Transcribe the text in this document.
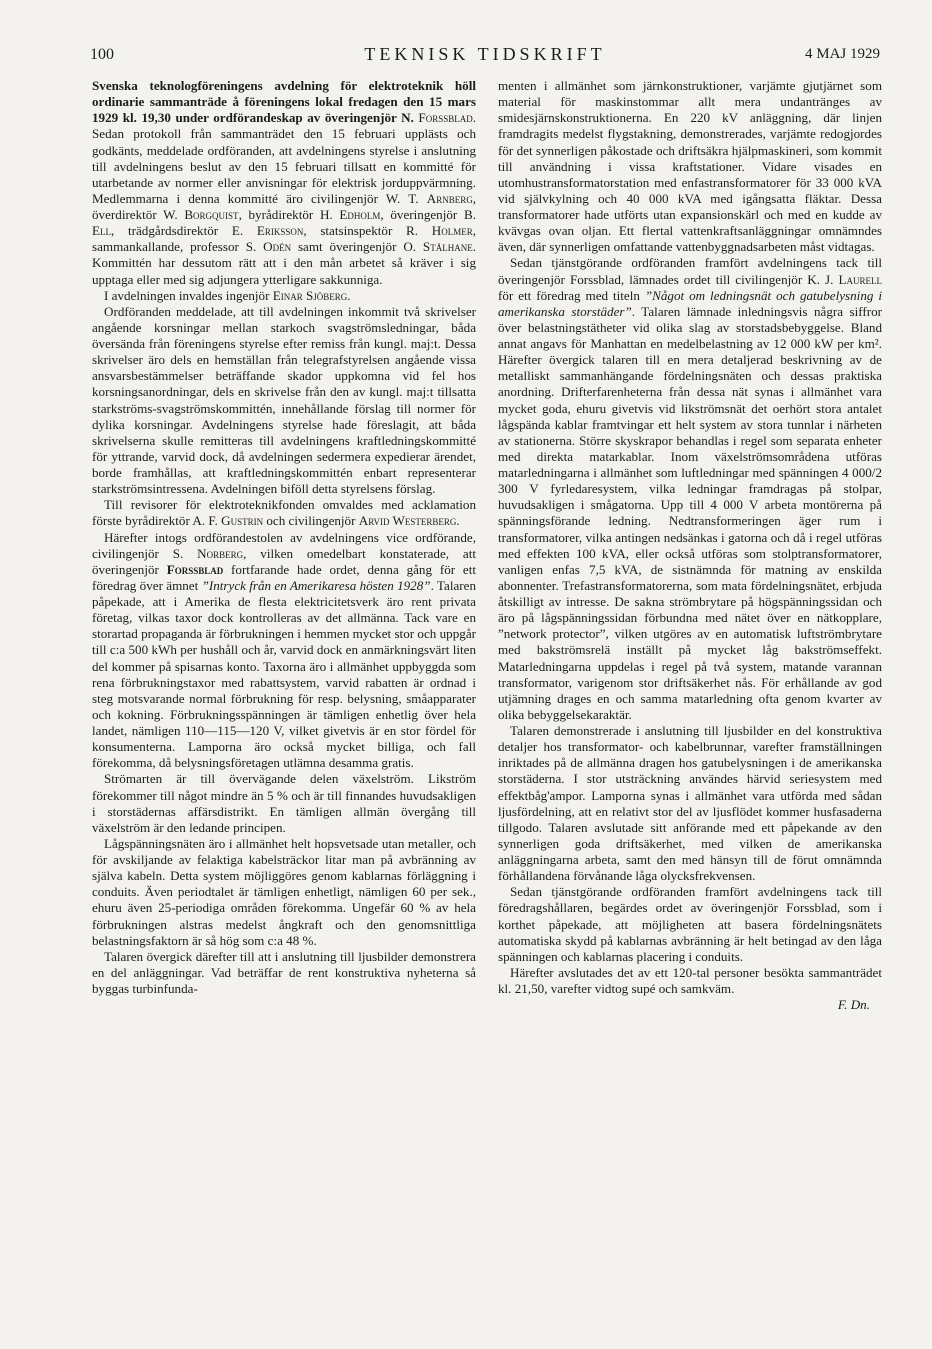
100	TEKNISK TIDSKRIFT	4 MAJ 1929

Svenska teknologföreningens avdelning för elektroteknik höll ordinarie sammanträde å föreningens lokal fredagen den 15 mars 1929 kl. 19,30 under ordförandeskap av överingenjör N. Forssblad. Sedan protokoll från sammanträdet den 15 februari upplästs och godkänts, meddelade ordföranden, att avdelningens styrelse i anslutning till avdelningens beslut av den 15 februari tillsatt en kommitté för utarbetande av normer eller anvisningar för elektrisk jorduppvärmning. Medlemmarna i denna kommitté äro civilingenjör W. T. Arnberg, överdirektör W. Borgquist, byrådirektör H. Edholm, överingenjör B. Ell, trädgårdsdirektör E. Eriksson, statsinspektör R. Holmer, sammankallande, professor S. Odén samt överingenjör O. Stålhane. Kommittén har dessutom rätt att i den mån arbetet så kräver i sig upptaga eller med sig adjungera ytterligare sakkunniga.

I avdelningen invaldes ingenjör Einar Sjöberg.

Ordföranden meddelade, att till avdelningen inkommit två skrivelser angående korsningar mellan starkoch svagströmsledningar, båda översända från föreningens styrelse efter remiss från kungl. maj:t. Dessa skrivelser äro dels en hemställan från telegrafstyrelsen angående vissa ansvarsbestämmelser beträffande skador uppkomna vid fel hos korsningsanordningar, dels en skrivelse från den av kungl. maj:t tillsatta starkströms-svagströmskommittén, innehållande förslag till normer för dylika korsningar. Avdelningens styrelse hade föreslagit, att båda skrivelserna skulle remitteras till avdelningens kraftledningskommitté för yttrande, varvid dock, då avdelningen sedermera expedierar ärendet, borde framhållas, att kraftledningskommittén enbart representerar starkströmsintressena. Avdelningen biföll detta styrelsens förslag.

Till revisorer för elektroteknikfonden omvaldes med acklamation förste byrådirektör A. F. Gustrin och civilingenjör Arvid Westerberg.

Härefter intogs ordförandestolen av avdelningens vice ordförande, civilingenjör S. Norberg, vilken omedelbart konstaterade, att överingenjör Forssblad fortfarande hade ordet, denna gång för ett föredrag över ämnet ”Intryck från en Amerikaresa hösten 1928”. Talaren påpekade, att i Amerika de flesta elektricitetsverk äro rent privata företag, vilkas taxor dock kontrolleras av det allmänna. Tack vare en storartad propaganda är förbrukningen i hemmen mycket stor och uppgår till c:a 500 kWh per hushåll och år, varvid dock en anmärkningsvärt liten del kommer på spisarnas konto. Taxorna äro i allmänhet uppbyggda som rena förbrukningstaxor med rabattsystem, varvid rabatten är ordnad i steg motsvarande normal förbrukning för resp. belysning, småapparater och kokning. Förbrukningsspänningen är tämligen enhetlig över hela landet, nämligen 110—115—120 V, vilket givetvis är en stor fördel för konsumenterna. Lamporna äro också mycket billiga, och fall förekomma, då belysningsföretagen utlämna desamma gratis.

Strömarten är till övervägande delen växelström. Likström förekommer till något mindre än 5 % och är till finnandes huvudsakligen i storstädernas affärsdistrikt. En tämligen allmän övergång till växelström är den ledande principen.

Lågspänningsnäten äro i allmänhet helt hopsvetsade utan metaller, och för avskiljande av felaktiga kabelsträckor litar man på avbränning av själva kabeln. Detta system möjliggöres genom kablarnas förläggning i conduits. Även periodtalet är tämligen enhetligt, nämligen 60 per sek., ehuru även 25-periodiga områden förekomma. Ungefär 60 % av hela förbrukningen alstras medelst ångkraft och den genomsnittliga belastningsfaktorn är så hög som c:a 48 %.

Talaren övergick därefter till att i anslutning till ljusbilder demonstrera en del anläggningar. Vad beträffar de rent konstruktiva nyheterna så byggas turbinfunda-

menten i allmänhet som järnkonstruktioner, varjämte gjutjärnet som material för maskinstommar allt mera undantränges av smidesjärnskonstruktionerna. En 220 kV anläggning, där linjen framdragits medelst flygstakning, demonstrerades, varjämte redogjordes för det synnerligen påkostade och driftsäkra hjälpmaskineri, som kommit till användning i vissa kraftstationer. Vidare visades en utomhustransformatorstation med enfastransformatorer för 33 000 kVA vid självkylning och 40 000 kVA med igångsatta fläktar. Dessa transformatorer hade utförts utan expansionskärl och med en kudde av kvävgas ovan oljan. Ett flertal vattenkraftsanläggningar omnämndes även, där synnerligen omfattande vattenbyggnadsarbeten måst vidtagas.

Sedan tjänstgörande ordföranden framfört avdelningens tack till överingenjör Forssblad, lämnades ordet till civilingenjör K. J. Laurell för ett föredrag med titeln ”Något om ledningsnät och gatubelysning i amerikanska storstäder”. Talaren lämnade inledningsvis några siffror över belastningstätheter vid olika slag av storstadsbebyggelse. Bland annat angavs för Manhattan en medelbelastning av 12 000 kW per km². Härefter övergick talaren till en mera detaljerad beskrivning av de metalliskt sammanhängande fördelningsnäten och dessas praktiska anordning. Drifterfarenheterna från dessa nät synas i allmänhet vara mycket goda, ehuru givetvis vid likströmsnät det oerhört stora antalet lågspända kablar framtvingar ett helt system av stora tunnlar i närheten av stationerna. Större skyskrapor behandlas i regel som separata enheter med direkta matarkablar. Inom växelströmsområdena utföras matarledningarna i allmänhet som luftledningar med spänningen 4 000/2 300 V fyrledaresystem, vilka ledningar framdragas på stolpar, huvudsakligen i smågatorna. Upp till 4 000 V arbeta montörerna på spänningsförande ledning. Nedtransformeringen äger rum i transformatorer, vilka antingen nedsänkas i gatorna och då i regel utföras med effekten 100 kVA, eller också utföras som stolptransformatorer, vanligen enfas 7,5 kVA, de sistnämnda för matning av enskilda abonnenter. Trefastransformatorerna, som mata fördelningsnätet, erbjuda åtskilligt av intresse. De sakna strömbrytare på högspänningssidan och äro på lågspänningssidan förbundna med nätet över en nätkopplare, ”network protector”, vilken utgöres av en automatisk luftströmbrytare med bakströmsrelä inställt på mycket låg bakströmseffekt. Matarledningarna uppdelas i regel på två system, matande varannan transformator, varigenom stor driftsäkerhet nås. För erhållande av god utjämning drages en och samma matarledning ofta genom kvarter av olika bebyggelsekaraktär.

Talaren demonstrerade i anslutning till ljusbilder en del konstruktiva detaljer hos transformator- och kabelbrunnar, varefter framställningen inriktades på de allmänna dragen hos gatubelysningen i de amerikanska storstäderna. I stor utsträckning användes härvid seriesystem med effektbåg'ampor. Lamporna synas i allmänhet vara utförda med sådan ljusfördelning, att en relativt stor del av ljusflödet kommer husfasaderna tillgodo. Talaren avslutade sitt anförande med ett påpekande av den synnerligen goda driftsäkerhet, med vilken de amerikanska anläggningarna arbeta, samt den med hänsyn till de förut omnämnda förhållandena förvånande låga olycksfrekvensen.

Sedan tjänstgörande ordföranden framfört avdelningens tack till föredragshållaren, begärdes ordet av överingenjör Forssblad, som i korthet påpekade, att möjligheten att basera fördelningsnätets automatiska skydd på kablarnas avbränning är helt betingad av den låga spänningen och kablarnas placering i conduits.

Härefter avslutades det av ett 120-tal personer besökta sammanträdet kl. 21,50, varefter vidtog supé och samkväm.

F. Dn.
